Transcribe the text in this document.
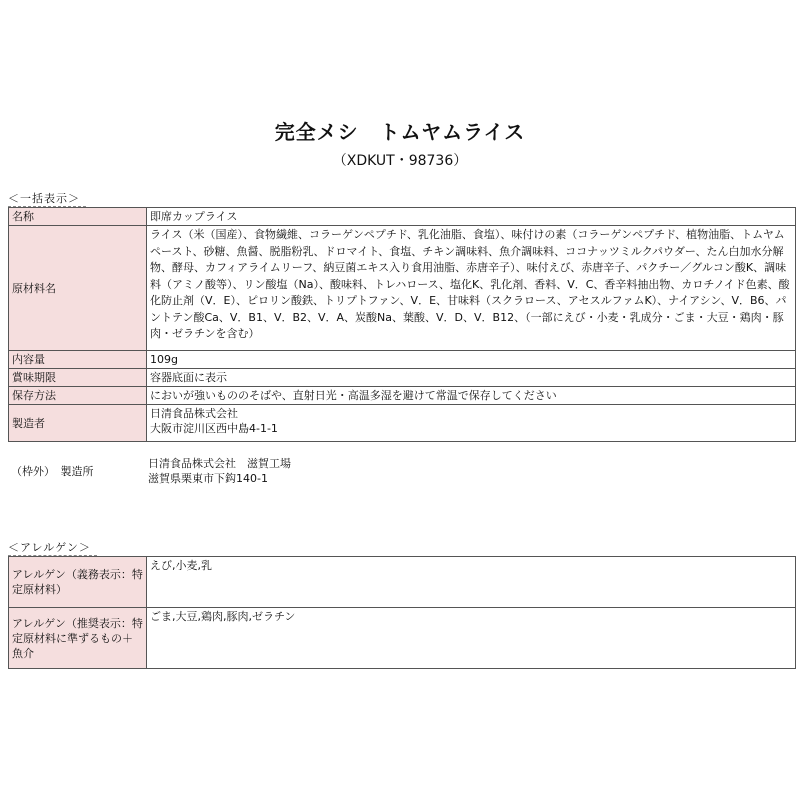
完全メシ　トムヤムライス
（XDKUT・98736）
＜一括表示＞
名称	即席カップライス
原材料名	ライス（米（国産）、食物繊維、コラーゲンペプチド、乳化油脂、食塩）、味付けの素（コラーゲンペプチド、植物油脂、トムヤムペースト、砂糖、魚醤、脱脂粉乳、ドロマイト、食塩、チキン調味料、魚介調味料、ココナッツミルクパウダー、たん白加水分解物、酵母、カフィアライムリーフ、納豆菌エキス入り食用油脂、赤唐辛子）、味付えび、赤唐辛子、パクチー／グルコン酸K、調味料（アミノ酸等）、リン酸塩（Na）、酸味料、トレハロース、塩化K、乳化剤、香料、V．C、香辛料抽出物、カロチノイド色素、酸化防止剤（V．E）、ピロリン酸鉄、トリプトファン、V．E、甘味料（スクラロース、アセスルファムK）、ナイアシン、V．B6、パントテン酸Ca、V．B1、V．B2、V．A、炭酸Na、葉酸、V．D、V．B12、（一部にえび・小麦・乳成分・ごま・大豆・鶏肉・豚肉・ゼラチンを含む）
内容量	109g
賞味期限	容器底面に表示
保存方法	においが強いもののそばや、直射日光・高温多湿を避けて常温で保存してください
製造者	日清食品株式会社
大阪市淀川区西中島4-1-1
（枠外）　製造所	
日清食品株式会社　滋賀工場
滋賀県栗東市下鈎140-1
＜アレルゲン＞
アレルゲン（義務表示：特定原材料）	えび,小麦,乳
アレルゲン（推奨表示：特定原材料に準ずるもの＋魚介	ごま,大豆,鶏肉,豚肉,ゼラチン
